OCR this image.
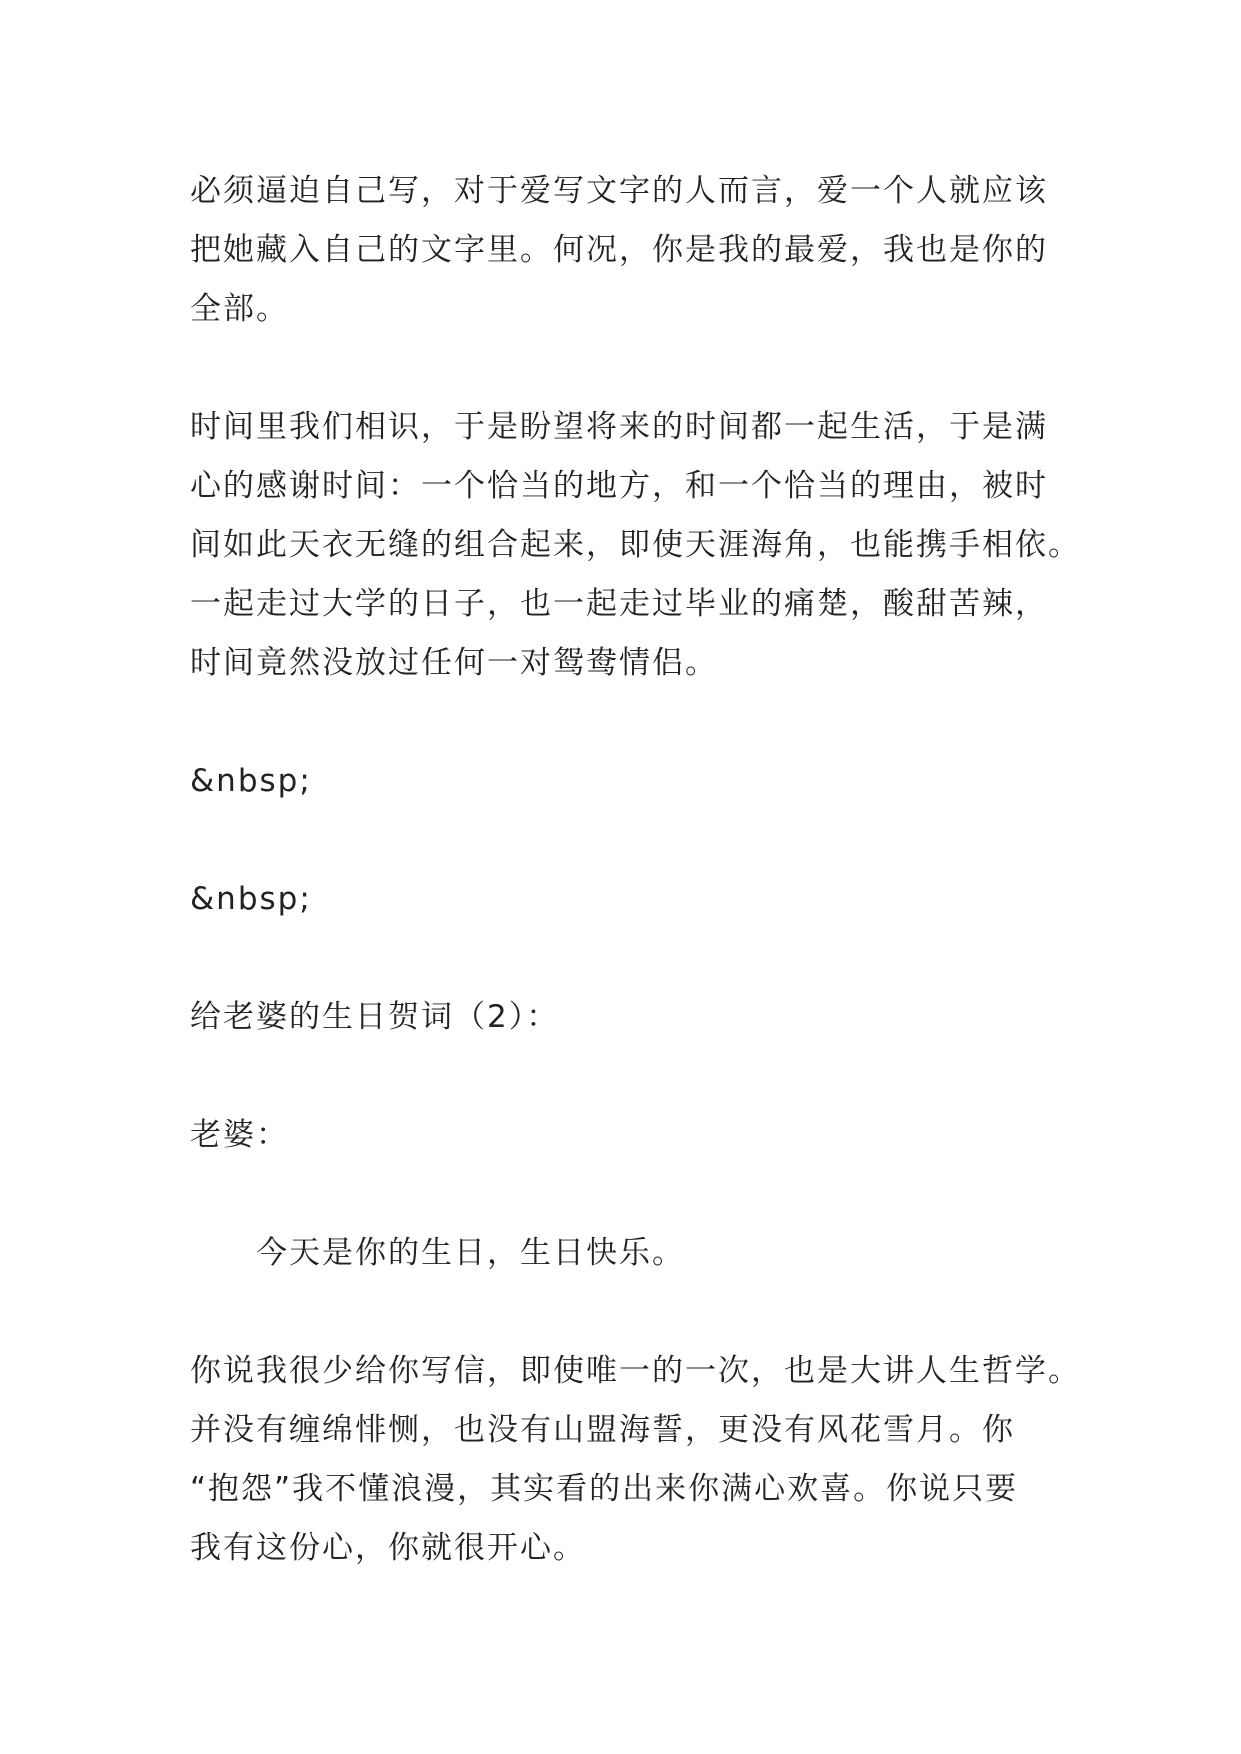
必须逼迫自己写，对于爱写文字的人而言，爱一个人就应该
把她藏入自己的文字里。何况，你是我的最爱，我也是你的
全部。

时间里我们相识，于是盼望将来的时间都一起生活，于是满
心的感谢时间：一个恰当的地方，和一个恰当的理由，被时
间如此天衣无缝的组合起来，即使天涯海角，也能携手相依。
一起走过大学的日子，也一起走过毕业的痛楚，酸甜苦辣，
时间竟然没放过任何一对鸳鸯情侣。

&nbsp;

&nbsp;

给老婆的生日贺词（2）：

老婆：

今天是你的生日，生日快乐。

你说我很少给你写信，即使唯一的一次，也是大讲人生哲学。
并没有缠绵悱恻，也没有山盟海誓，更没有风花雪月。你
“抱怨”我不懂浪漫，其实看的出来你满心欢喜。你说只要
我有这份心，你就很开心。
